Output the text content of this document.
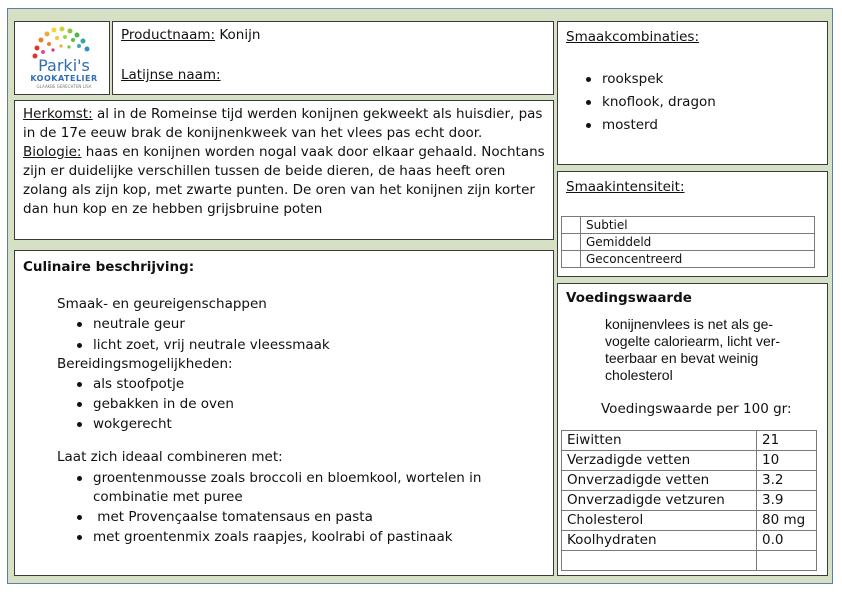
Parki's
KOOKATELIER
GLAAKBE GERECHTEN LISA
Productnaam: Konijn
Latijnse naam:
Herkomst: al in de Romeinse tijd werden konijnen gekweekt als huisdier, pas in de 17e eeuw brak de konijnenkweek van het vlees pas echt door.
Biologie: haas en konijnen worden nogal vaak door elkaar gehaald. Nochtans zijn er duidelijke verschillen tussen de beide dieren, de haas heeft oren zolang als zijn kop, met zwarte punten. De oren van het konijnen zijn korter dan hun kop en ze hebben grijsbruine poten
Culinaire beschrijving:
Smaak- en geureigenschappen
neutrale geur
licht zoet, vrij neutrale vleessmaak
Bereidingsmogelijkheden:
als stoofpotje
gebakken in de oven
wokgerecht
Laat zich ideaal combineren met:
groentenmousse zoals broccoli en bloemkool, wortelen in combinatie met puree
met Provençaalse tomatensaus en pasta
met groentenmix zoals raapjes, koolrabi of pastinaak
Smaakcombinaties:
rookspek
knoflook, dragon
mosterd
Smaakintensiteit:
	Subtiel
	Gemiddeld
	Geconcentreerd
Voedingswaarde
konijnenvlees is net als ge-vogelte caloriearm, licht ver-teerbaar en bevat weinig cholesterol
Voedingswaarde per 100 gr:
Eiwitten	21
Verzadigde vetten	10
Onverzadigde vetten	3.2
Onverzadigde vetzuren	3.9
Cholesterol	80 mg
Koolhydraten	0.0
